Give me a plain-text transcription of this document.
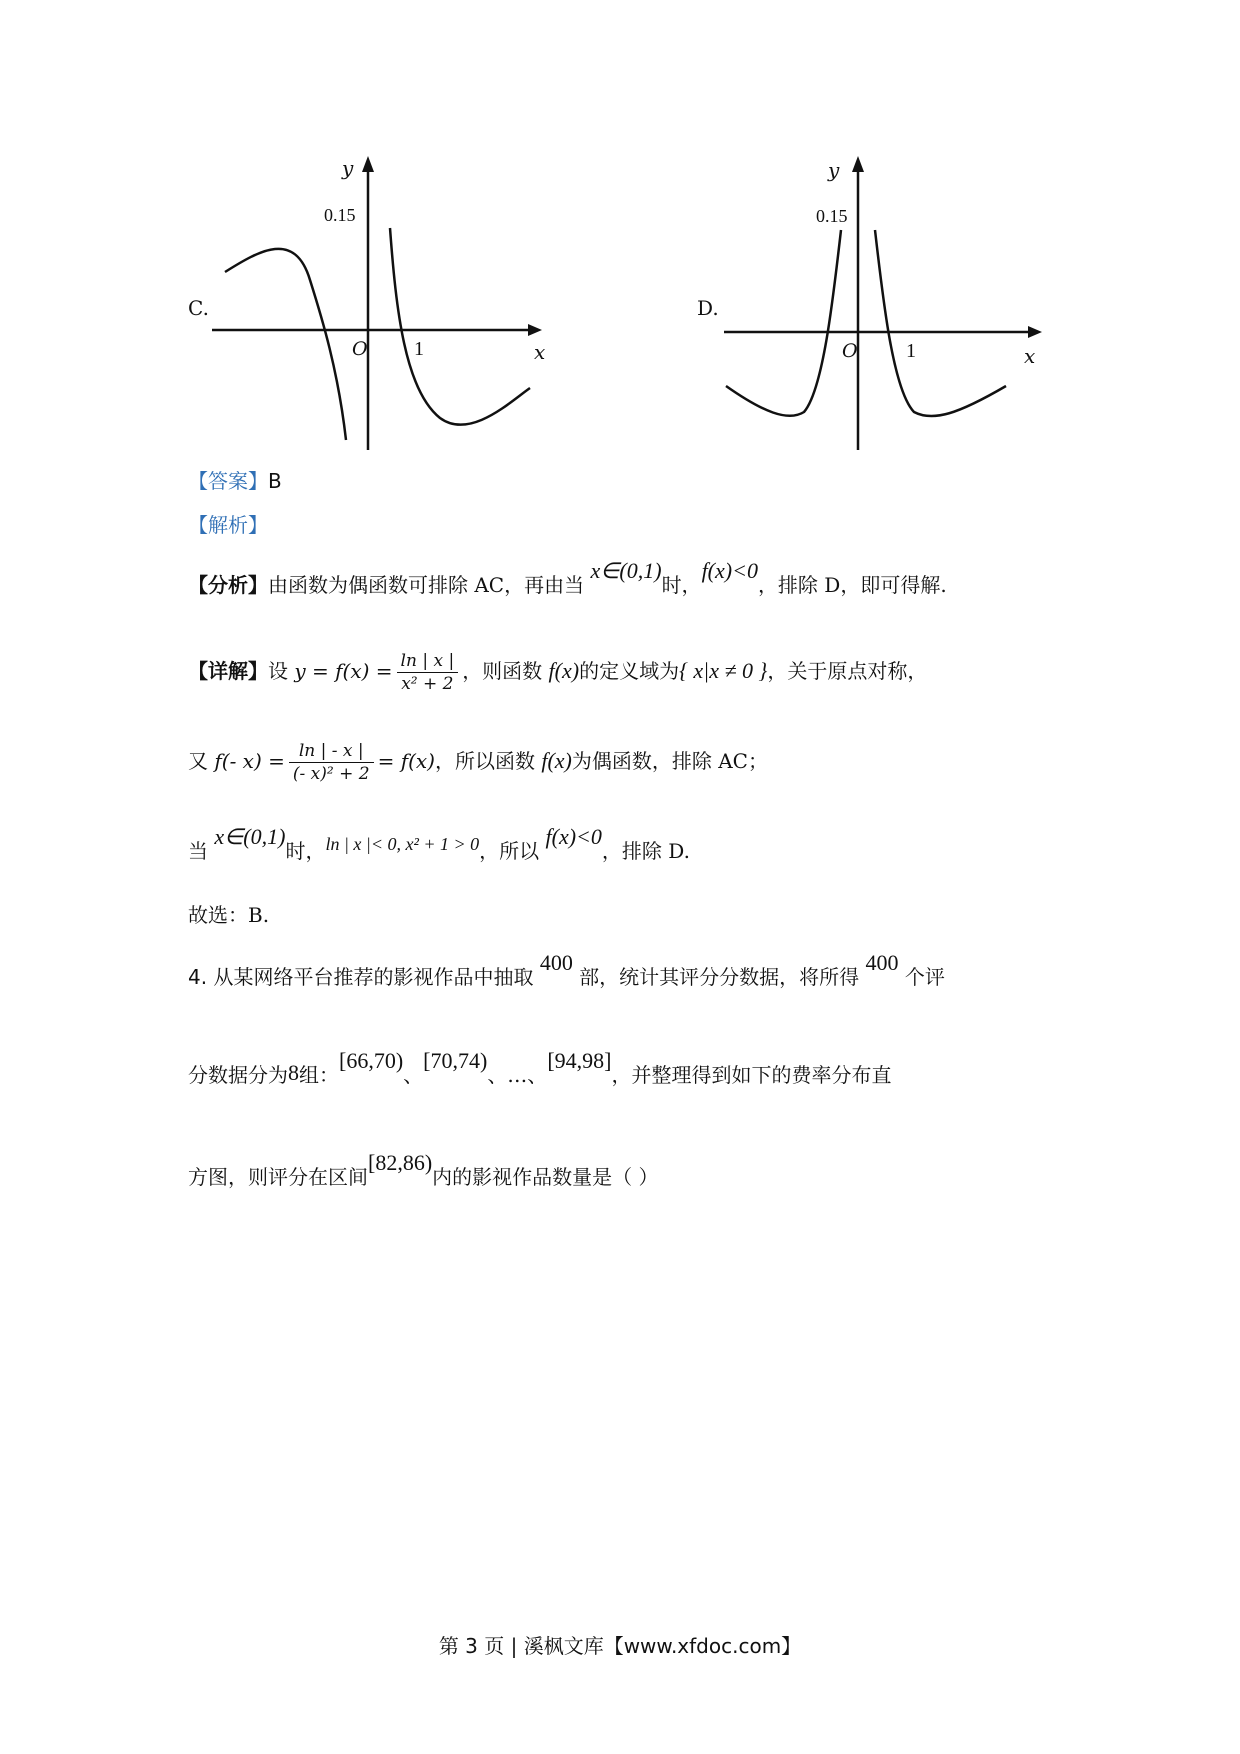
C.
y
0.15
O 1	x
D.
y
0.15
O 1	x
【答案】B
【解析】
【分析】由函数为偶函数可排除 AC，再由当 x∈(0,1)时，f(x)<0，排除 D，即可得解.
【详解】设 $y = f(x) = \frac{\ln | x |}{\text{x² + 2}}$ ，则函数 f(x)的定义域为{ x|x ≠ 0 }，关于原点对称，
又 f(- $x) = \frac{\ln | - x |}{\text{(- x)² + 2}} = f(x)$，所以函数 f(x)为偶函数，排除 AC；
当 x∈(0,1)时，ln | x |< 0, x² + 1 > 0，所以 f(x)<0，排除 D.
故选：B.
4. 从某网络平台推荐的影视作品中抽取 400 部，统计其评分分数据，将所得 400 个评
分数据分为8组：[66,70)、[70,74)、…、[94,98]，并整理得到如下的费率分布直
方图，则评分在区间[82,86)内的影视作品数量是（ ）
第 3 页 | 溪枫文库【www.xfdoc.com】
